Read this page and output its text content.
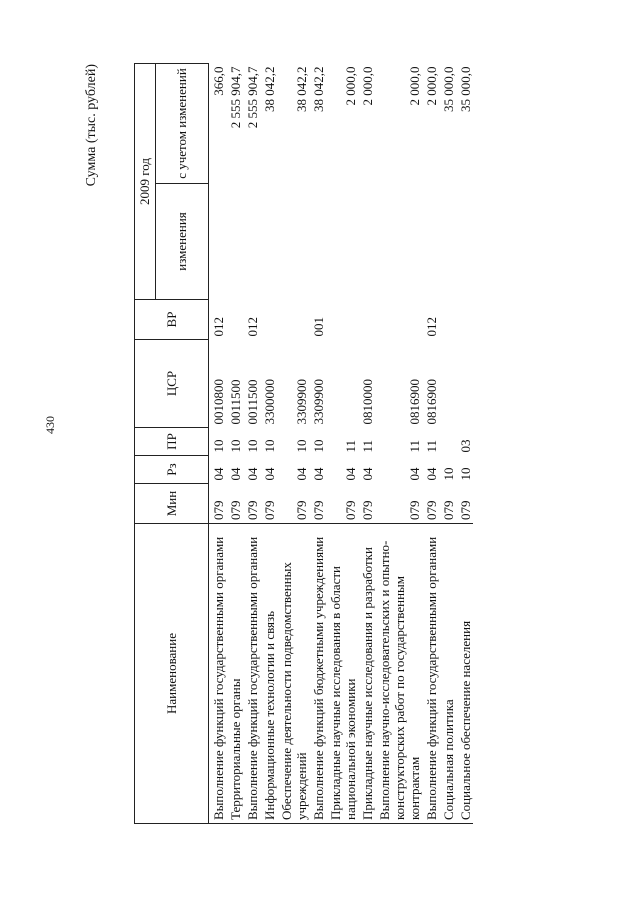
430
Сумма (тыс. рублей)
Наименование	Мин	Рз	ПР	ЦСР	ВР	2009 год	
						изменения	с учетом изменений
Выполнение функций государственными органами	079	04	10	0010800	012		366,0
Территориальные органы	079	04	10	0011500			2 555 904,7
Выполнение функций государственными органами	079	04	10	0011500	012		2 555 904,7
Информационные технологии и связь	079	04	10	3300000			38 042,2
Обеспечение деятельности подведомственных учреждений	079	04	10	3309900			38 042,2
Выполнение функций бюджетными учреждениями	079	04	10	3309900	001		38 042,2
Прикладные научные исследования в области национальной экономики	079	04	11				2 000,0
Прикладные научные исследования и разработки	079	04	11	0810000			2 000,0
Выполнение научно-исследовательских и опытно-конструкторских работ по государственным контрактам	079	04	11	0816900			2 000,0
Выполнение функций государственными органами	079	04	11	0816900	012		2 000,0
Социальная политика	079	10					35 000,0
Социальное обеспечение населения	079	10	03				35 000,0
